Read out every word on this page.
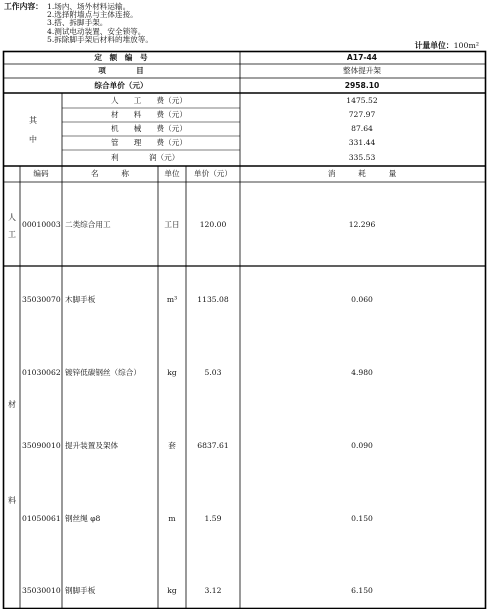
工作内容： 1.场内、场外材料运输。
2.选择附墙点与主体连接。
3.搭、拆脚手架。
4.测试电动装置、安全锁等。
5.拆除脚手架后材料的堆放等。
计量单位：100m²
定　额　编　号	A17-44
项　　　　目	整体提升架
综合单价（元）	2958.10
其
中
人　　工　　费（元）	1475.52
材　　料　　费（元）	727.97
机　　械　　费（元）	87.64
管　　理　　费（元）	331.44
利　　　　润（元）	335.53
编码	名　　　称	单位 单价（元）	消　　　耗　　　量
人
工
材
料
00010003 二类综合用工	工日	120.00	12.296
35030070 木脚手板	m³	1135.08	0.060
01030062 镀锌低碳钢丝（综合）	kg	5.03	4.980
35090010 提升装置及架体	套	6837.61	0.090
01050061 钢丝绳 φ8	m	1.59	0.150
35030010 钢脚手板	kg	3.12	6.150
